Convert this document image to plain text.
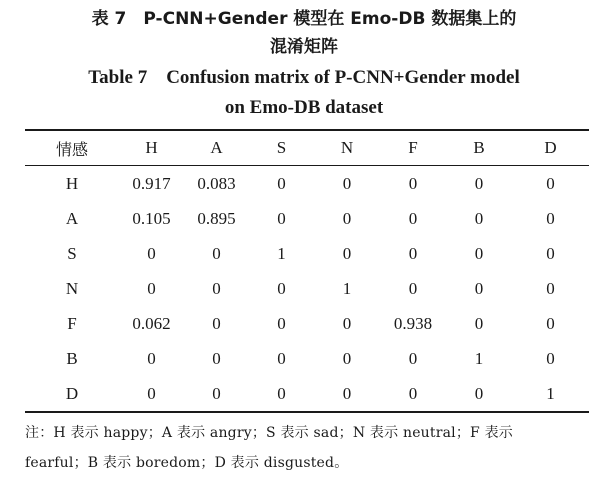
表 7　P-CNN+Gender 模型在 Emo-DB 数据集上的
混淆矩阵
Table 7　Confusion matrix of P-CNN+Gender model
on Emo-DB dataset
情感	H	A	S	N	F	B	D
H	0.917	0.083	0	0	0	0	0
A	0.105	0.895	0	0	0	0	0
S	0	0	1	0	0	0	0
N	0	0	0	1	0	0	0
F	0.062	0	0	0	0.938	0	0
B	0	0	0	0	0	1	0
D	0	0	0	0	0	0	1
注：H 表示 happy；A 表示 angry；S 表示 sad；N 表示 neutral；F 表示
fearful；B 表示 boredom；D 表示 disgusted。
